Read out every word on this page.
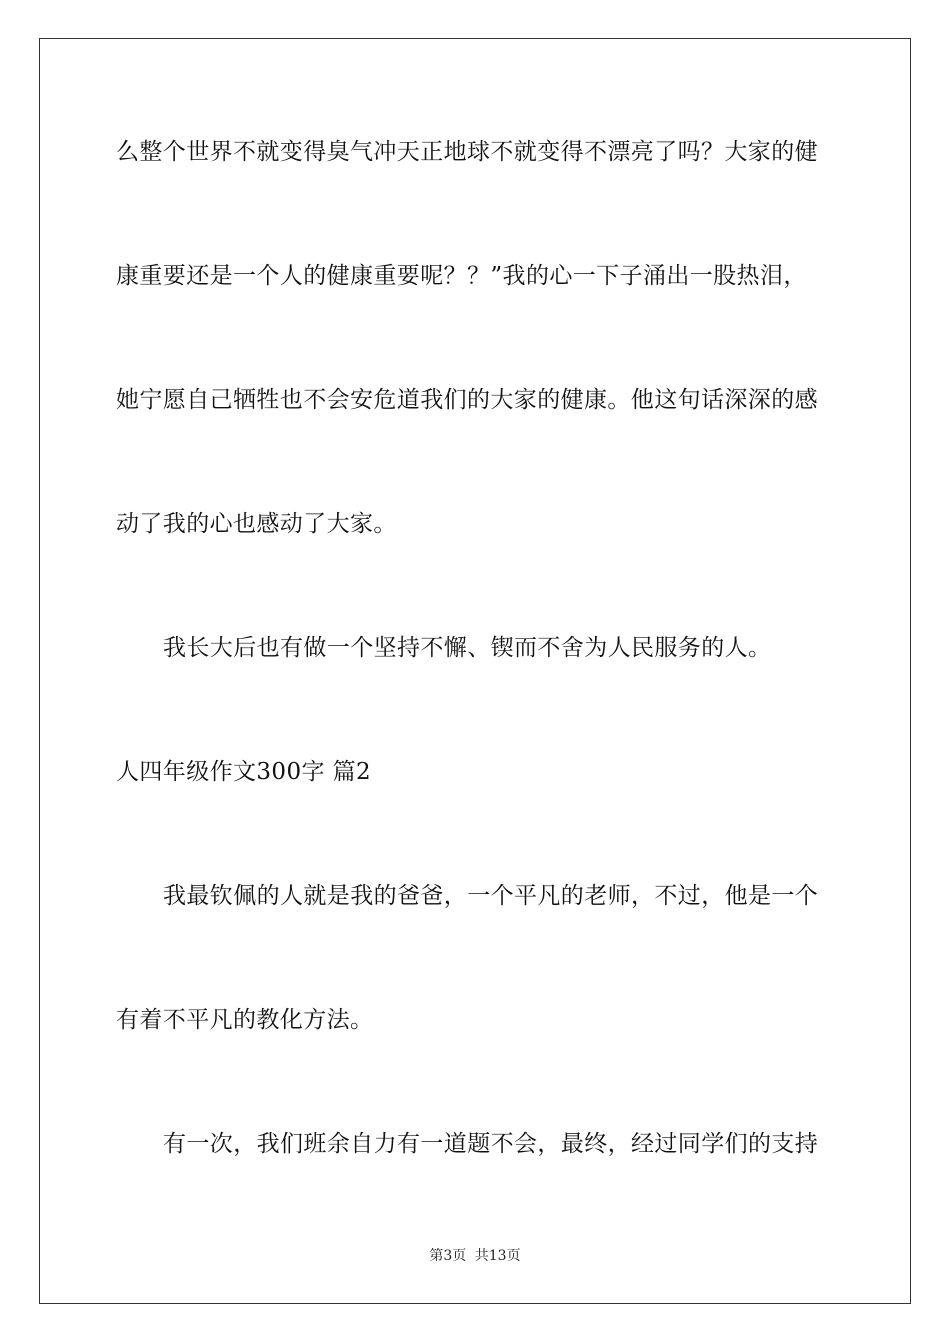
么整个世界不就变得臭气冲天正地球不就变得不漂亮了吗？大家的健
康重要还是一个人的健康重要呢？？”我的心一下子涌出一股热泪，
她宁愿自己牺牲也不会安危道我们的大家的健康。他这句话深深的感
动了我的心也感动了大家。
我长大后也有做一个坚持不懈、锲而不舍为人民服务的人。
人四年级作文300字 篇2
我最钦佩的人就是我的爸爸，一个平凡的老师，不过，他是一个
有着不平凡的教化方法。
有一次，我们班余自力有一道题不会，最终，经过同学们的支持
第3页 共13页
